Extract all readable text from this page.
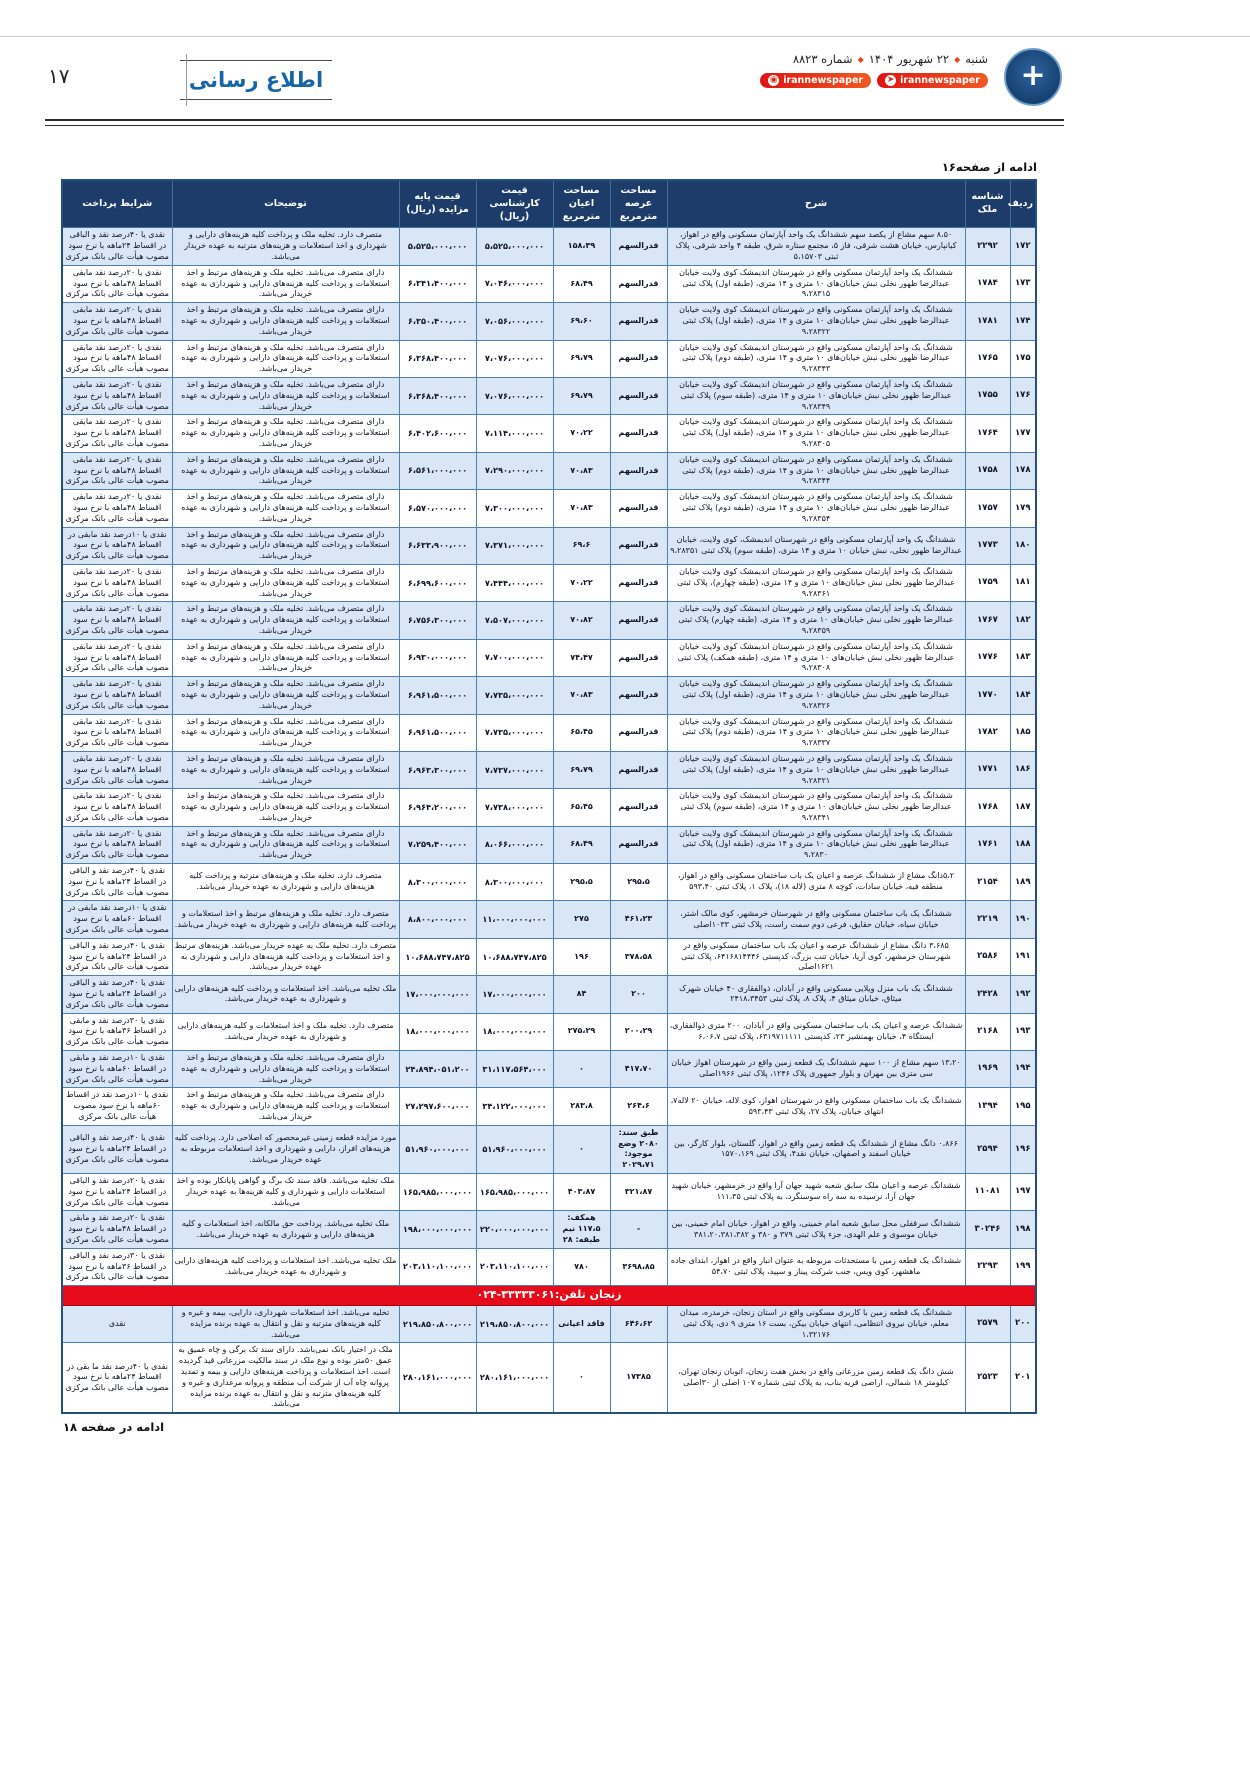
+
شنبه◆۲۲ شهریور ۱۴۰۴◆شماره ۸۸۲۳
➤ irannewspaper
◉ irannewspaper
اطلاع رسانی
۱۷
ادامه از صفحه۱۶
ردیف	شناسه ملک	شرح	مساحت عرصه مترمربع	مساحت اعیان مترمربع	قیمت کارشناسی (ریال)	قیمت پایه مزایده (ریال)	توضیحات	شرایط پرداخت
۱۷۲	۲۲۹۲	۸،۵۰ سهم مشاع از یکصد سهم ششدانگ یک واحد آپارتمان مسکونی واقع در اهواز، کیانپارس، خیابان هشت شرقی، فاز ۵، مجتمع ستاره شرق، طبقه ۴ واحد شرقی، پلاک ثبتی ۵،۱۵۷۰۳	قدرالسهم	۱۵۸،۳۹	۵،۵۲۵،۰۰۰،۰۰۰	۵،۵۲۵،۰۰۰،۰۰۰	متصرف دارد. تخلیه ملک و پرداخت کلیه هزینه‌های دارایی و شهرداری و اخذ استعلامات و هزینه‌های مترتبه به عهده خریدار می‌باشد.	نقدی یا ۴۰درصد نقد و الباقی در اقساط ۲۴ماهه با نرخ سود مصوب هیأت عالی بانک مرکزی
۱۷۳	۱۷۸۴	ششدانگ یک واحد آپارتمان مسکونی واقع در شهرستان اندیمشک کوی ولایت خیابان عبدالرضا ظهور نخلی نبش خیابان‌های ۱۰ متری و ۱۴ متری، (طبقه اول) پلاک ثبتی ۹،۲۸۳۱۵	قدرالسهم	۶۸،۴۹	۷،۰۴۶،۰۰۰،۰۰۰	۶،۳۴۱،۴۰۰،۰۰۰	دارای متصرف می‌باشد. تخلیه ملک و هزینه‌های مرتبط و اخذ استعلامات و پرداخت کلیه هزینه‌های دارایی و شهرداری به عهده خریدار می‌باشد.	نقدی یا ۲۰درصد نقد مابقی اقساط ۴۸ماهه با نرخ سود مصوب هیأت عالی بانک مرکزی
۱۷۴	۱۷۸۱	ششدانگ یک واحد آپارتمان مسکونی واقع در شهرستان اندیمشک کوی ولایت خیابان عبدالرضا ظهور نخلی نبش خیابان‌های ۱۰ متری و ۱۴ متری، (طبقه اول) پلاک ثبتی ۹،۲۸۳۲۲	قدرالسهم	۶۹،۶۰	۷،۰۵۶،۰۰۰،۰۰۰	۶،۳۵۰،۴۰۰،۰۰۰	دارای متصرف می‌باشد. تخلیه ملک و هزینه‌های مرتبط و اخذ استعلامات و پرداخت کلیه هزینه‌های دارایی و شهرداری به عهده خریدار می‌باشد.	نقدی یا ۲۰درصد نقد مابقی اقساط ۴۸ماهه با نرخ سود مصوب هیأت عالی بانک مرکزی
۱۷۵	۱۷۶۵	ششدانگ یک واحد آپارتمان مسکونی واقع در شهرستان اندیمشک کوی ولایت خیابان عبدالرضا ظهور نخلی نبش خیابان‌های ۱۰ متری و ۱۴ متری، (طبقه دوم) پلاک ثبتی ۹،۲۸۳۴۳	قدرالسهم	۶۹،۷۹	۷،۰۷۶،۰۰۰،۰۰۰	۶،۳۶۸،۴۰۰،۰۰۰	دارای متصرف می‌باشد. تخلیه ملک و هزینه‌های مرتبط و اخذ استعلامات و پرداخت کلیه هزینه‌های دارایی و شهرداری به عهده خریدار می‌باشد.	نقدی یا ۲۰درصد نقد مابقی اقساط ۴۸ماهه با نرخ سود مصوب هیأت عالی بانک مرکزی
۱۷۶	۱۷۵۵	ششدانگ یک واحد آپارتمان مسکونی واقع در شهرستان اندیمشک کوی ولایت خیابان عبدالرضا ظهور نخلی نبش خیابان‌های ۱۰ متری و ۱۴ متری، (طبقه سوم) پلاک ثبتی ۹،۲۸۳۴۹	قدرالسهم	۶۹،۷۹	۷،۰۷۶،۰۰۰،۰۰۰	۶،۳۶۸،۴۰۰،۰۰۰	دارای متصرف می‌باشد. تخلیه ملک و هزینه‌های مرتبط و اخذ استعلامات و پرداخت کلیه هزینه‌های دارایی و شهرداری به عهده خریدار می‌باشد.	نقدی یا ۲۰درصد نقد مابقی اقساط ۴۸ماهه با نرخ سود مصوب هیأت عالی بانک مرکزی
۱۷۷	۱۷۶۴	ششدانگ یک واحد آپارتمان مسکونی واقع در شهرستان اندیمشک کوی ولایت خیابان عبدالرضا ظهور نخلی نبش خیابان‌های ۱۰ متری و ۱۴ متری، (طبقه اول) پلاک ثبتی ۹،۲۸۳۰۵	قدرالسهم	۷۰،۲۲	۷،۱۱۴،۰۰۰،۰۰۰	۶،۴۰۲،۶۰۰،۰۰۰	دارای متصرف می‌باشد. تخلیه ملک و هزینه‌های مرتبط و اخذ استعلامات و پرداخت کلیه هزینه‌های دارایی و شهرداری به عهده خریدار می‌باشد.	نقدی یا ۲۰درصد نقد مابقی اقساط ۴۸ماهه با نرخ سود مصوب هیأت عالی بانک مرکزی
۱۷۸	۱۷۵۸	ششدانگ یک واحد آپارتمان مسکونی واقع در شهرستان اندیمشک کوی ولایت خیابان عبدالرضا ظهور نخلی نبش خیابان‌های ۱۰ متری و ۱۴ متری، (طبقه دوم) پلاک ثبتی ۹،۲۸۳۴۴	قدرالسهم	۷۰،۸۳	۷،۲۹۰،۰۰۰،۰۰۰	۶،۵۶۱،۰۰۰،۰۰۰	دارای متصرف می‌باشد. تخلیه ملک و هزینه‌های مرتبط و اخذ استعلامات و پرداخت کلیه هزینه‌های دارایی و شهرداری به عهده خریدار می‌باشد.	نقدی یا ۲۰درصد نقد مابقی اقساط ۴۸ماهه با نرخ سود مصوب هیأت عالی بانک مرکزی
۱۷۹	۱۷۵۷	ششدانگ یک واحد آپارتمان مسکونی واقع در شهرستان اندیمشک کوی ولایت خیابان عبدالرضا ظهور نخلی نبش خیابان‌های ۱۰ متری و ۱۴ متری، (طبقه دوم) پلاک ثبتی ۹،۲۸۳۵۴	قدرالسهم	۷۰،۸۳	۷،۳۰۰،۰۰۰،۰۰۰	۶،۵۷۰،۰۰۰،۰۰۰	دارای متصرف می‌باشد. تخلیه ملک و هزینه‌های مرتبط و اخذ استعلامات و پرداخت کلیه هزینه‌های دارایی و شهرداری به عهده خریدار می‌باشد.	نقدی یا ۲۰درصد نقد مابقی اقساط ۴۸ماهه با نرخ سود مصوب هیأت عالی بانک مرکزی
۱۸۰	۱۷۷۳	ششدانگ یک واحد آپارتمان مسکونی واقع در شهرستان اندیمشک، کوی ولایت، خیابان عبدالرضا ظهور نخلی، نبش خیابان ۱۰ متری و ۱۴ متری، (طبقه سوم) پلاک ثبتی ۹،۲۸۳۵۱	قدرالسهم	۶۹،۶	۷،۳۷۱،۰۰۰،۰۰۰	۶،۶۳۳،۹۰۰،۰۰۰	دارای متصرف می‌باشد. تخلیه ملک و هزینه‌های مرتبط و اخذ استعلامات و پرداخت کلیه هزینه‌های دارایی و شهرداری به عهده خریدار می‌باشد.	نقدی یا ۱۰درصد نقد مابقی در اقساط ۴۸ماهه با نرخ سود مصوب هیأت عالی بانک مرکزی
۱۸۱	۱۷۵۹	ششدانگ یک واحد آپارتمان مسکونی واقع در شهرستان اندیمشک کوی ولایت خیابان عبدالرضا ظهور نخلی نبش خیابان‌های ۱۰ متری و ۱۴ متری، (طبقه چهارم)، پلاک ثبتی ۹،۲۸۳۶۱	قدرالسهم	۷۰،۲۲	۷،۴۴۴،۰۰۰،۰۰۰	۶،۶۹۹،۶۰۰،۰۰۰	دارای متصرف می‌باشد. تخلیه ملک و هزینه‌های مرتبط و اخذ استعلامات و پرداخت کلیه هزینه‌های دارایی و شهرداری به عهده خریدار می‌باشد.	نقدی یا ۲۰درصد نقد مابقی اقساط ۴۸ماهه با نرخ سود مصوب هیأت عالی بانک مرکزی
۱۸۲	۱۷۶۷	ششدانگ یک واحد آپارتمان مسکونی واقع در شهرستان اندیمشک کوی ولایت خیابان عبدالرضا ظهور نخلی نبش خیابان‌های ۱۰ متری و ۱۴ متری، (طبقه چهارم) پلاک ثبتی ۹،۲۸۳۵۹	قدرالسهم	۷۰،۸۲	۷،۵۰۷،۰۰۰،۰۰۰	۶،۷۵۶،۳۰۰،۰۰۰	دارای متصرف می‌باشد. تخلیه ملک و هزینه‌های مرتبط و اخذ استعلامات و پرداخت کلیه هزینه‌های دارایی و شهرداری به عهده خریدار می‌باشد.	نقدی یا ۲۰درصد نقد مابقی اقساط ۴۸ماهه با نرخ سود مصوب هیأت عالی بانک مرکزی
۱۸۳	۱۷۷۶	ششدانگ یک واحد آپارتمان مسکونی واقع در شهرستان اندیمشک کوی ولایت خیابان عبدالرضا ظهور نخلی نبش خیابان‌های ۱۰ متری و ۱۴ متری، (طبقه همکف) پلاک ثبتی ۹،۲۸۳۰۸	قدرالسهم	۷۴،۴۷	۷،۷۰۰،۰۰۰،۰۰۰	۶،۹۳۰،۰۰۰،۰۰۰	دارای متصرف می‌باشد. تخلیه ملک و هزینه‌های مرتبط و اخذ استعلامات و پرداخت کلیه هزینه‌های دارایی و شهرداری به عهده خریدار می‌باشد.	نقدی یا ۲۰درصد نقد مابقی اقساط ۴۸ماهه با نرخ سود مصوب هیأت عالی بانک مرکزی
۱۸۴	۱۷۷۰	ششدانگ یک واحد آپارتمان مسکونی واقع در شهرستان اندیمشک کوی ولایت خیابان عبدالرضا ظهور نخلی نبش خیابان‌های ۱۰ متری و ۱۴ متری، (طبقه اول) پلاک ثبتی ۹،۲۸۳۲۶	قدرالسهم	۷۰،۸۳	۷،۷۳۵،۰۰۰،۰۰۰	۶،۹۶۱،۵۰۰،۰۰۰	دارای متصرف می‌باشد. تخلیه ملک و هزینه‌های مرتبط و اخذ استعلامات و پرداخت کلیه هزینه‌های دارایی و شهرداری به عهده خریدار می‌باشد.	نقدی یا ۲۰درصد نقد مابقی اقساط ۴۸ماهه با نرخ سود مصوب هیأت عالی بانک مرکزی
۱۸۵	۱۷۸۲	ششدانگ یک واحد آپارتمان مسکونی واقع در شهرستان اندیمشک کوی ولایت خیابان عبدالرضا ظهور نخلی نبش خیابان‌های ۱۰ متری و ۱۴ متری، (طبقه دوم) پلاک ثبتی ۹،۲۸۳۳۷	قدرالسهم	۶۵،۴۵	۷،۷۳۵،۰۰۰،۰۰۰	۶،۹۶۱،۵۰۰،۰۰۰	دارای متصرف می‌باشد. تخلیه ملک و هزینه‌های مرتبط و اخذ استعلامات و پرداخت کلیه هزینه‌های دارایی و شهرداری به عهده خریدار می‌باشد.	نقدی یا ۲۰درصد نقد مابقی اقساط ۴۸ماهه با نرخ سود مصوب هیأت عالی بانک مرکزی
۱۸۶	۱۷۷۱	ششدانگ یک واحد آپارتمان مسکونی واقع در شهرستان اندیمشک کوی ولایت خیابان عبدالرضا ظهور نخلی نبش خیابان‌های ۱۰ متری و ۱۴ متری، (طبقه اول) پلاک ثبتی ۹،۲۸۳۲۱	قدرالسهم	۶۹،۷۹	۷،۷۳۷،۰۰۰،۰۰۰	۶،۹۶۳،۳۰۰،۰۰۰	دارای متصرف می‌باشد. تخلیه ملک و هزینه‌های مرتبط و اخذ استعلامات و پرداخت کلیه هزینه‌های دارایی و شهرداری به عهده خریدار می‌باشد.	نقدی یا ۲۰درصد نقد مابقی اقساط ۴۸ماهه با نرخ سود مصوب هیأت عالی بانک مرکزی
۱۸۷	۱۷۶۸	ششدانگ یک واحد آپارتمان مسکونی واقع در شهرستان اندیمشک کوی ولایت خیابان عبدالرضا ظهور نخلی نبش خیابان‌های ۱۰ متری و ۱۴ متری، (طبقه سوم) پلاک ثبتی ۹،۲۸۳۴۱	قدرالسهم	۶۵،۴۵	۷،۷۳۸،۰۰۰،۰۰۰	۶،۹۶۴،۲۰۰،۰۰۰	دارای متصرف می‌باشد. تخلیه ملک و هزینه‌های مرتبط و اخذ استعلامات و پرداخت کلیه هزینه‌های دارایی و شهرداری به عهده خریدار می‌باشد.	نقدی یا ۲۰درصد نقد مابقی اقساط ۴۸ماهه با نرخ سود مصوب هیأت عالی بانک مرکزی
۱۸۸	۱۷۶۱	ششدانگ یک واحد آپارتمان مسکونی واقع در شهرستان اندیمشک کوی ولایت خیابان عبدالرضا ظهور نخلی نبش خیابان‌های ۱۰ متری و ۱۴ متری، (طبقه اول) پلاک ثبتی ۹،۲۸۳۰	قدرالسهم	۶۸،۴۹	۸،۰۶۶،۰۰۰،۰۰۰	۷،۲۵۹،۴۰۰،۰۰۰	دارای متصرف می‌باشد. تخلیه ملک و هزینه‌های مرتبط و اخذ استعلامات و پرداخت کلیه هزینه‌های دارایی و شهرداری به عهده خریدار می‌باشد.	نقدی یا ۲۰درصد نقد مابقی اقساط ۴۸ماهه با نرخ سود مصوب هیأت عالی بانک مرکزی
۱۸۹	۲۱۵۴	۵،۲دانگ مشاع از ششدانگ عرصه و اعیان یک باب ساختمان مسکونی واقع در اهواز، منطقه فیه، خیابان سادات، کوچه ۸ متری (لاله ۱۸)، پلاک ۱، پلاک ثبتی ۵۹۳،۴۰	۲۹۵،۵	۲۹۵،۵	۸،۳۰۰،۰۰۰،۰۰۰	۸،۳۰۰،۰۰۰،۰۰۰	متصرف دارد. تخلیه ملک و هزینه‌های مترتبه و پرداخت کلیه هزینه‌های دارایی و شهرداری به عهده خریدار می‌باشد.	نقدی یا ۴۰درصد نقد و الباقی در اقساط ۲۴ماهه با نرخ سود مصوب هیأت عالی بانک مرکزی
۱۹۰	۲۲۱۹	ششدانگ یک باب ساختمان مسکونی واقع در شهرستان خرمشهر، کوی مالک اشتر، خیابان سیاه، خیابان حقایق، فرعی دوم سمت راست، پلاک ثبتی ۱۰۳۳اصلی	۴۶۱،۲۳	۲۷۵	۱۱،۰۰۰،۰۰۰،۰۰۰	۸،۸۰۰،۰۰۰،۰۰۰	متصرف دارد. تخلیه ملک و هزینه‌های مرتبط و اخذ استعلامات و پرداخت کلیه هزینه‌های دارایی و شهرداری به عهده خریدار می‌باشد.	نقدی یا ۱۰درصد نقد مابقی در اقساط ۶۰ماهه با نرخ سود مصوب هیأت عالی بانک مرکزی
۱۹۱	۲۵۸۶	۳،۶۸۵ دانگ مشاع از ششدانگ عرصه و اعیان یک باب ساختمان مسکونی واقع در شهرستان خرمشهر، کوی آریا، خیابان تنب بزرگ، کدپستی ۶۴۱۶۸۱۴۴۴۶، پلاک ثبتی ۱۶۲۱اصلی	۳۷۸،۵۸	۱۹۶	۱۰،۶۸۸،۷۴۷،۸۲۵	۱۰،۶۸۸،۷۴۷،۸۲۵	متصرف دارد. تخلیه ملک به عهده خریدار می‌باشد. هزینه‌های مرتبط و اخذ استعلامات و پرداخت کلیه هزینه‌های دارایی و شهرداری به عهده خریدار می‌باشد.	نقدی یا ۴۰درصد نقد و الباقی در اقساط ۲۴ماهه با نرخ سود مصوب هیأت عالی بانک مرکزی
۱۹۲	۲۴۲۸	ششدانگ یک باب منزل ویلایی مسکونی واقع در آبادان، ذوالفقاری ۴۰ خیابان شهرک میثاق، خیابان میثاق ۴، پلاک ۸، پلاک ثبتی ۲۴۱۸،۳۴۵۳	۲۰۰	۸۴	۱۷،۰۰۰،۰۰۰،۰۰۰	۱۷،۰۰۰،۰۰۰،۰۰۰	ملک تخلیه می‌باشد. اخذ استعلامات و پرداخت کلیه هزینه‌های دارایی و شهرداری به عهده خریدار می‌باشد.	نقدی یا ۴۰درصد نقد و الباقی در اقساط ۲۴ماهه با نرخ سود مصوب هیأت عالی بانک مرکزی
۱۹۳	۲۱۶۸	ششدانگ عرصه و اعیان یک باب ساختمان مسکونی واقع در آبادان، ۲۰۰ متری ذوالفقاری، ایستگاه ۴، خیابان بهمنشیر ۲۳، کدپستی ۶۳۱۹۷۱۱۱۱۱، پلاک ثبتی ۶،۰۶،۷	۲۰۰،۲۹	۲۷۵،۲۹	۱۸،۰۰۰،۰۰۰،۰۰۰	۱۸،۰۰۰،۰۰۰،۰۰۰	متصرف دارد. تخلیه ملک و اخذ استعلامات و کلیه هزینه‌های دارایی و شهرداری به عهده خریدار می‌باشد.	نقدی یا ۳۰درصد نقد و مابقی در اقساط ۳۶ماهه با نرخ سود مصوب هیأت عالی بانک مرکزی
۱۹۴	۱۹۶۹	۱۳،۲۰ سهم مشاع از ۱۰۰ سهم ششدانگ یک قطعه زمین واقع در شهرستان اهواز خیابان سی متری بین مهران و بلوار جمهوری پلاک ۱۲۴۶، پلاک ثبتی ۱۹۶۶اصلی	۴۱۷،۷۰	۰	۳۱،۱۱۷،۵۶۴،۰۰۰	۲۴،۸۹۴،۰۵۱،۲۰۰	دارای متصرف می‌باشد. تخلیه ملک و هزینه‌های مرتبط و اخذ استعلامات و پرداخت کلیه هزینه‌های دارایی و شهرداری به عهده خریدار می‌باشد.	نقدی یا ۱۰درصد نقد و مابقی در اقساط ۶۰ماهه با نرخ سود مصوب هیأت عالی بانک مرکزی
۱۹۵	۱۳۹۴	ششدانگ یک باب ساختمان مسکونی واقع در شهرستان اهواز، کوی لاله، خیابان ۲۰ لاله۷، انتهای خیابان، پلاک ۲۷، پلاک ثبتی ۵۹۳،۴۳	۲۶۴،۶	۲۸۳،۸	۳۴،۱۲۲،۰۰۰،۰۰۰	۲۷،۲۹۷،۶۰۰،۰۰۰	دارای متصرف می‌باشد. تخلیه ملک و هزینه‌های مرتبط و اخذ استعلامات و پرداخت کلیه هزینه‌های دارایی و شهرداری به عهده خریدار می‌باشد.	نقدی یا ۱۰درصد نقد در اقساط ۶۰ماهه با نرخ سود مصوب هیأت عالی بانک مرکزی
۱۹۶	۲۵۹۴	۰،۸۶۶ دانگ مشاع از ششدانگ یک قطعه زمین واقع در اهواز، گلستان، بلوار کارگر، بین خیابان اسفند و اصفهان، خیابان نقد۴، پلاک ثبتی ۱۵۷۰،۱۶۹	طبق سند: ۲۰۸۰ وضع موجود: ۲۰۲۹،۷۱	۰	۵۱،۹۶۰،۰۰۰،۰۰۰	۵۱،۹۶۰،۰۰۰،۰۰۰	مورد مزایده قطعه زمینی غیرمحصور که اصلاحی دارد. پرداخت کلیه هزینه‌های افراز، دارایی و شهرداری و اخذ استعلامات مربوطه به عهده خریدار می‌باشد.	نقدی یا ۴۰درصد نقد و الباقی در اقساط ۲۴ماهه با نرخ سود مصوب هیأت عالی بانک مرکزی
۱۹۷	۱۱۰۸۱	ششدانگ عرصه و اعیان ملک سابق شعبه شهید جهان آرا واقع در خرمشهر، خیابان شهید جهان آرا، نرسیده به سه راه سوسنگرد، به پلاک ثبتی ۱۱۱،۳۵	۳۲۱،۸۷	۴۰۳،۸۷	۱۶۵،۹۸۵،۰۰۰،۰۰۰	۱۶۵،۹۸۵،۰۰۰،۰۰۰	ملک تخلیه می‌باشد. فاقد سند تک برگ و گواهی پایانکار بوده و اخذ استعلامات دارایی و شهرداری و کلیه هزینه‌ها به عهده خریدار می‌باشد.	نقدی یا ۲۰درصد نقد و الباقی در اقساط ۲۴ماهه با نرخ سود مصوب هیأت عالی بانک مرکزی
۱۹۸	۳۰۲۴۶	ششدانگ سرقفلی محل سابق شعبه امام خمینی، واقع در اهواز، خیابان امام خمینی، بین خیابان موسوی و علم الهدی، جزء پلاک ثبتی ۳۷۹ و ۳۸۰ و ۳۸۱،۲۰،۳۸۱،۳۸۲	-	همکف: ۱۱۷،۵ نیم طبقه: ۲۸	۲۲۰،۰۰۰،۰۰۰،۰۰۰	۱۹۸،۰۰۰،۰۰۰،۰۰۰	ملک تخلیه می‌باشد. پرداخت حق مالکانه، اخذ استعلامات و کلیه هزینه‌های دارایی و شهرداری به عهده خریدار می‌باشد.	نقدی یا ۲۰درصد نقد و مابقی در اقساط ۴۸ماهه با نرخ سود مصوب هیأت عالی بانک مرکزی
۱۹۹	۲۲۹۳	ششدانگ یک قطعه زمین با مستحدثات مربوطه به عنوان انبار واقع در اهواز، ابتدای جاده ماهشهر، کوی ویس، جنب شرکت پیناز و سپید، پلاک ثبتی ۵۴،۷۰	۳۶۹۸،۸۵	۷۸۰	۲۰۳،۱۱۰،۱۰۰،۰۰۰	۲۰۳،۱۱۰،۱۰۰،۰۰۰	ملک تخلیه می‌باشد. اخذ استعلامات و پرداخت کلیه هزینه‌های دارایی و شهرداری به عهده خریدار می‌باشد.	نقدی یا ۳۰درصد نقد و الباقی در اقساط ۳۶ماهه با نرخ سود مصوب هیأت عالی بانک مرکزی
زنجان تلفن:۳۳۳۳۳۰۶۱-۰۲۴								
۲۰۰	۲۵۷۹	ششدانگ یک قطعه زمین با کاربری مسکونی واقع در استان زنجان، خرمدره، میدان معلم، خیابان نیروی انتظامی، انتهای خیابان بیکن، بست ۱۶ متری ۹ دی، پلاک ثبتی ۱،۳۲۱۷۶	۶۴۶،۶۲	فاقد اعیانی	۲۱۹،۸۵۰،۸۰۰،۰۰۰	۲۱۹،۸۵۰،۸۰۰،۰۰۰	تخلیه می‌باشد. اخذ استعلامات شهرداری، دارایی، بیمه و غیره و کلیه هزینه‌های مترتبه و نقل و انتقال به عهده برنده مزایده می‌باشد.	نقدی
۲۰۱	۲۵۲۳	شش دانگ یک قطعه زمین مزرعاتی واقع در بخش هفت زنجان، اتوبان زنجان تهران، کیلومتر ۱۸ شمالی، اراضی قریه بناب، به پلاک ثبتی شماره ۱۰۷ اصلی از ۳۰اصلی	۱۷۳۸۵	۰	۲۸۰،۱۶۱،۰۰۰،۰۰۰	۲۸۰،۱۶۱،۰۰۰،۰۰۰	ملک در اختیار بانک نمی‌باشد. دارای سند تک برگی و چاه عمیق به عمق ۵۰متر بوده و نوع ملک در سند مالکیت مزرعاتی قید گردیده است. اخذ استعلامات و پرداخت هزینه‌های دارایی و بیمه و تمدید پروانه چاه آب از شرکت آب منطقه و پروانه مرغداری و غیره و کلیه هزینه‌های مترتبه و نقل و انتقال به عهده برنده مزایده می‌باشد.	نقدی یا ۴۰درصد نقد ما بقی در اقساط ۲۴ماهه با نرخ سود مصوب هیأت عالی بانک مرکزی
ادامه در صفحه ۱۸
